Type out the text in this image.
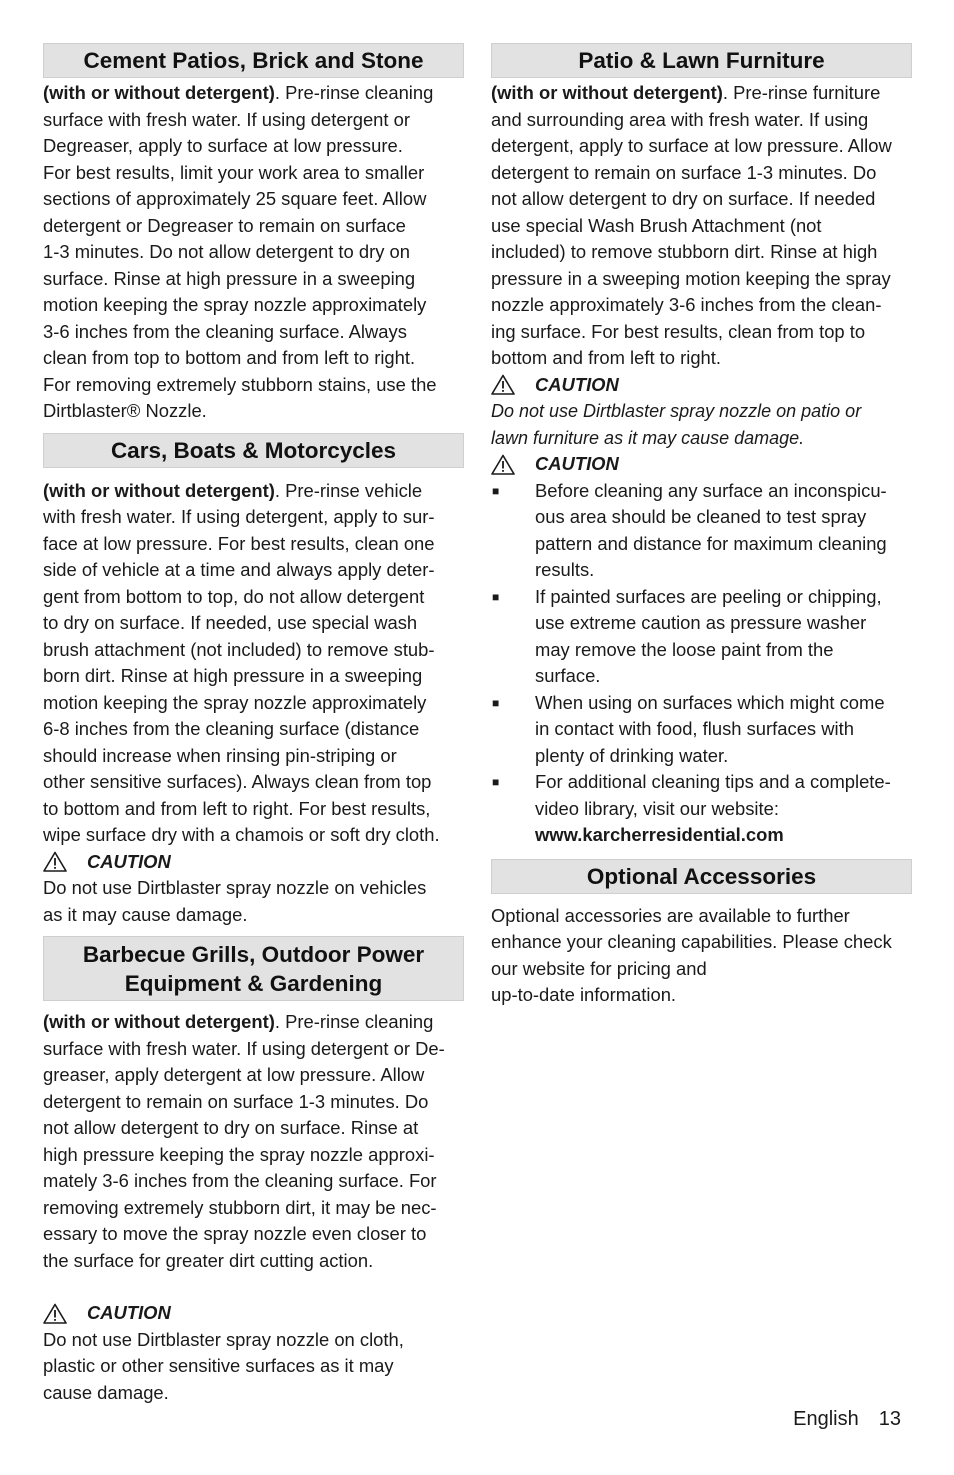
Cement Patios, Brick and Stone

(with or without detergent). Pre-rinse cleaning

surface with fresh water. If using detergent or

Degreaser, apply to surface at low pressure.

For best results, limit your work area to smaller

sections of approximately 25 square feet. Allow

detergent or Degreaser to remain on surface

1-3 minutes. Do not allow detergent to dry on

surface. Rinse at high pressure in a sweeping

motion keeping the spray nozzle approximately

3-6 inches from the cleaning surface. Always

clean from top to bottom and from left to right.

For removing extremely stubborn stains, use the

Dirtblaster® Nozzle.

Cars, Boats & Motorcycles

(with or without detergent). Pre-rinse vehicle

with fresh water. If using detergent, apply to sur-

face at low pressure. For best results, clean one

side of vehicle at a time and always apply deter-

gent from bottom to top, do not allow detergent

to dry on surface. If needed, use special wash

brush attachment (not included) to remove stub-

born dirt. Rinse at high pressure in a sweeping

motion keeping the spray nozzle approximately

6-8 inches from the cleaning surface (distance

should increase when rinsing pin-striping or

other sensitive surfaces). Always clean from top

to bottom and from left to right. For best results,

wipe surface dry with a chamois or soft dry cloth.

CAUTION

Do not use Dirtblaster spray nozzle on vehicles

as it may cause damage.

Barbecue Grills, Outdoor Power
Equipment & Gardening

(with or without detergent). Pre-rinse cleaning

surface with fresh water. If using detergent or De-

greaser, apply detergent at low pressure. Allow

detergent to remain on surface 1-3 minutes. Do

not allow detergent to dry on surface. Rinse at

high pressure keeping the spray nozzle approxi-

mately 3-6 inches from the cleaning surface. For

removing extremely stubborn dirt, it may be nec-

essary to move the spray nozzle even closer to

the surface for greater dirt cutting action.

CAUTION

Do not use Dirtblaster spray nozzle on cloth,

plastic or other sensitive surfaces as it may

cause damage.

Patio & Lawn Furniture

(with or without detergent). Pre-rinse furniture

and surrounding area with fresh water. If using

detergent, apply to surface at low pressure. Allow

detergent to remain on surface 1-3 minutes. Do

not allow detergent to dry on surface. If needed

use special Wash Brush Attachment (not

included) to remove stubborn dirt. Rinse at high

pressure in a sweeping motion keeping the spray

nozzle approximately 3-6 inches from the clean-

ing surface. For best results, clean from top to

bottom and from left to right.

CAUTION

Do not use Dirtblaster spray nozzle on patio or

lawn furniture as it may cause damage.

CAUTION

■	Before cleaning any surface an inconspicu-
ous area should be cleaned to test spray
pattern and distance for maximum cleaning
results.
■	If painted surfaces are peeling or chipping,
use extreme caution as pressure washer
may remove the loose paint from the
surface.
■	When using on surfaces which might come
in contact with food, flush surfaces with
plenty of drinking water.
■	For additional cleaning tips and a complete-
video library, visit our website:
www.karcherresidential.com
Optional Accessories

Optional accessories are available to further

enhance your cleaning capabilities. Please check

our website for pricing and

up-to-date information.

English 13
